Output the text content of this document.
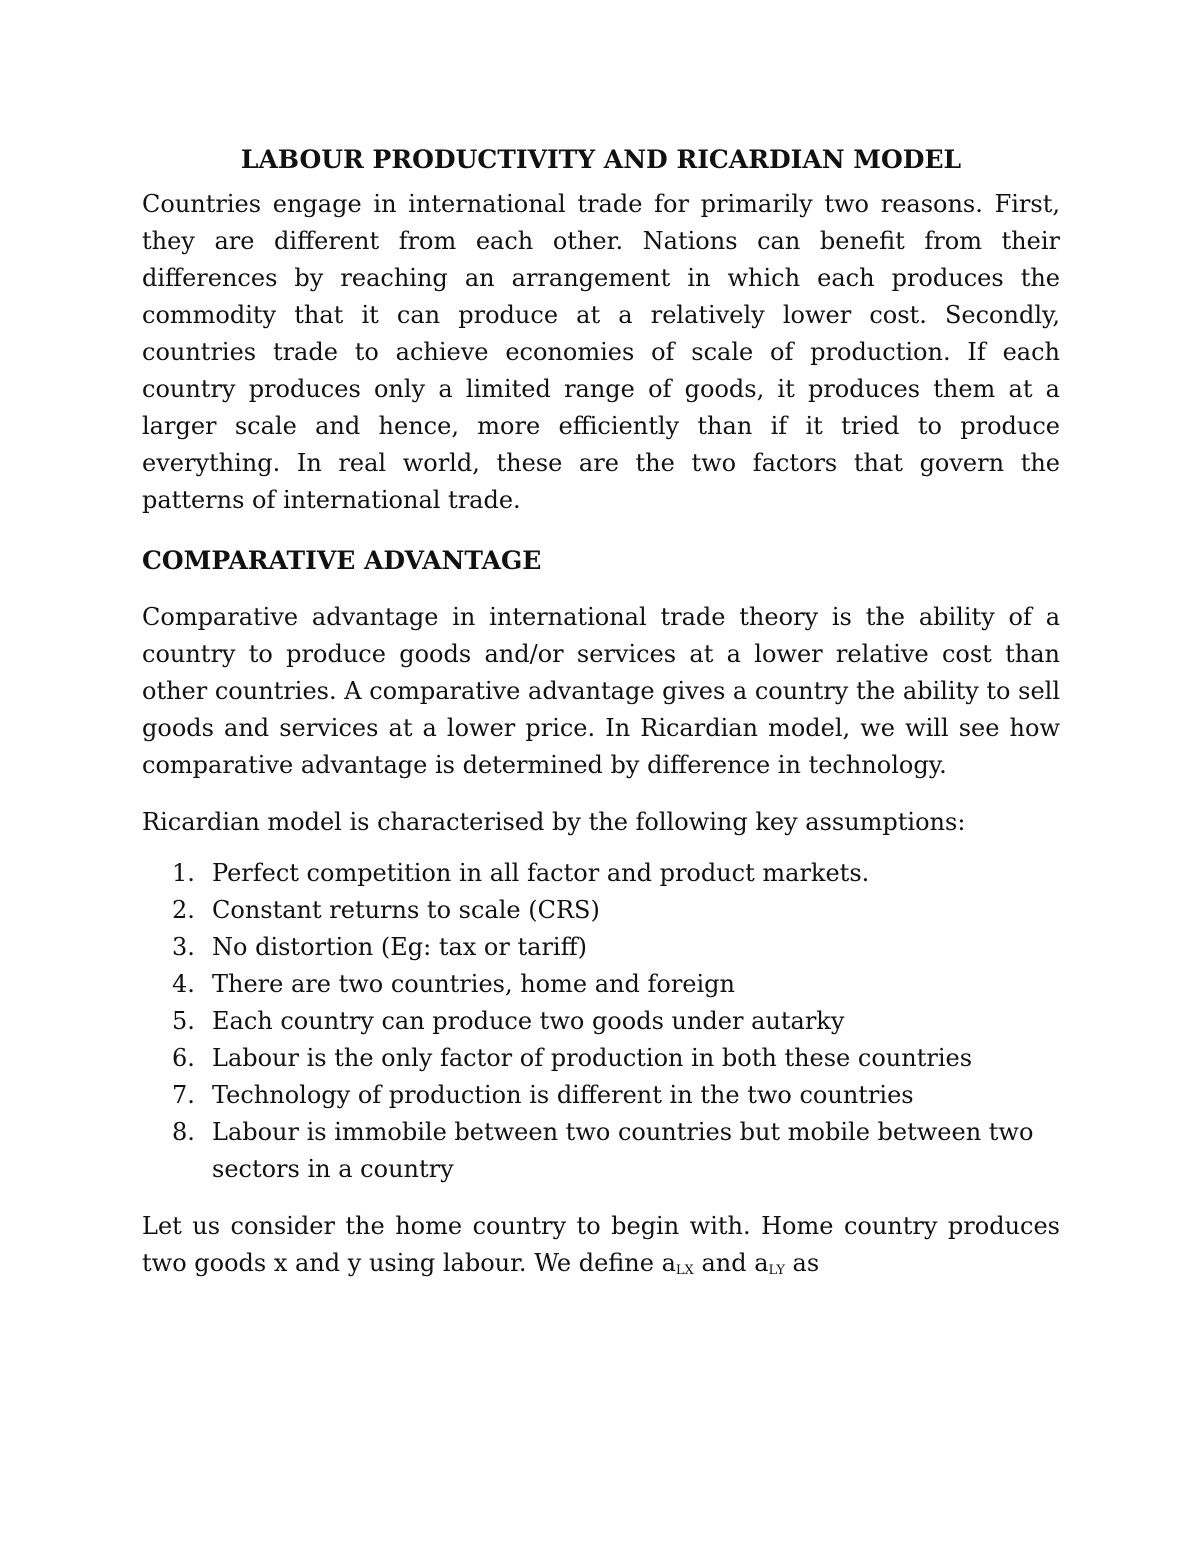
LABOUR PRODUCTIVITY AND RICARDIAN MODEL

Countries engage in international trade for primarily two reasons. First, they are different from each other. Nations can benefit from their differences by reaching an arrangement in which each produces the commodity that it can produce at a relatively lower cost. Secondly, countries trade to achieve economies of scale of production. If each country produces only a limited range of goods, it produces them at a larger scale and hence, more efficiently than if it tried to produce everything. In real world, these are the two factors that govern the patterns of international trade.

COMPARATIVE ADVANTAGE

Comparative advantage in international trade theory is the ability of a country to produce goods and/or services at a lower relative cost than other countries. A comparative advantage gives a country the ability to sell goods and services at a lower price. In Ricardian model, we will see how comparative advantage is determined by difference in technology.

Ricardian model is characterised by the following key assumptions:

1. Perfect competition in all factor and product markets.
2. Constant returns to scale (CRS)
3. No distortion (Eg: tax or tariff)
4. There are two countries, home and foreign
5. Each country can produce two goods under autarky
6. Labour is the only factor of production in both these countries
7. Technology of production is different in the two countries
8. Labour is immobile between two countries but mobile between two sectors in a country

Let us consider the home country to begin with. Home country produces two goods x and y using labour. We define $a_{LX}$ and $a_{LY}$ as
